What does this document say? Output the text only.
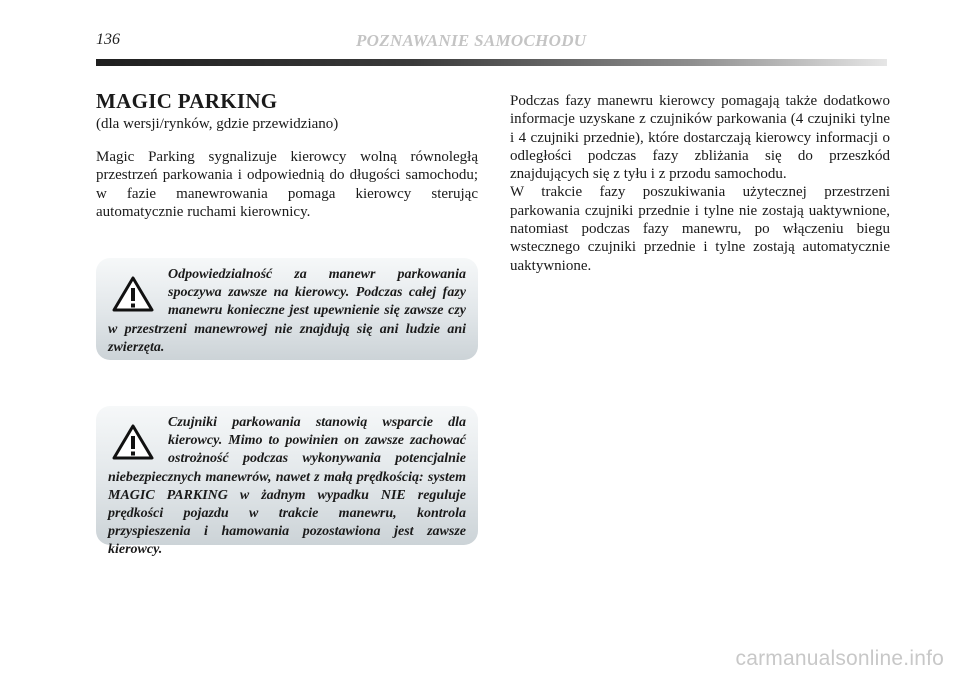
136	POZNAWANIE SAMOCHODU
MAGIC PARKING

(dla wersji/rynków, gdzie przewidziano)

Magic Parking sygnalizuje kierowcy wolną równoległą przestrzeń parkowania i odpowiednią do długości samochodu; w fazie manewrowania pomaga kierowcy sterując automatycznie ruchami kierownicy.

Odpowiedzialność za manewr parkowania spoczywa zawsze na kierowcy. Podczas całej fazy manewru konieczne jest upewnienie się zawsze czy w przestrzeni manewrowej nie znajdują się ani ludzie ani zwierzęta.

Czujniki parkowania stanowią wsparcie dla kierowcy. Mimo to powinien on zawsze zachować ostrożność podczas wykonywania potencjalnie niebezpiecznych manewrów, nawet z małą prędkością: system MAGIC PARKING w żadnym wypadku NIE reguluje prędkości pojazdu w trakcie manewru, kontrola przyspieszenia i hamowania pozostawiona jest zawsze kierowcy.

Podczas fazy manewru kierowcy pomagają także dodatkowo informacje uzyskane z czujników parkowania (4 czujniki tylne i 4 czujniki przednie), które dostarczają kierowcy informacji o odległości podczas fazy zbliżania się do przeszkód znajdujących się z tyłu i z przodu samochodu.

W trakcie fazy poszukiwania użytecznej przestrzeni parkowania czujniki przednie i tylne nie zostają uaktywnione, natomiast podczas fazy manewru, po włączeniu biegu wstecznego czujniki przednie i tylne zostają automatycznie uaktywnione.

carmanualsonline.info
